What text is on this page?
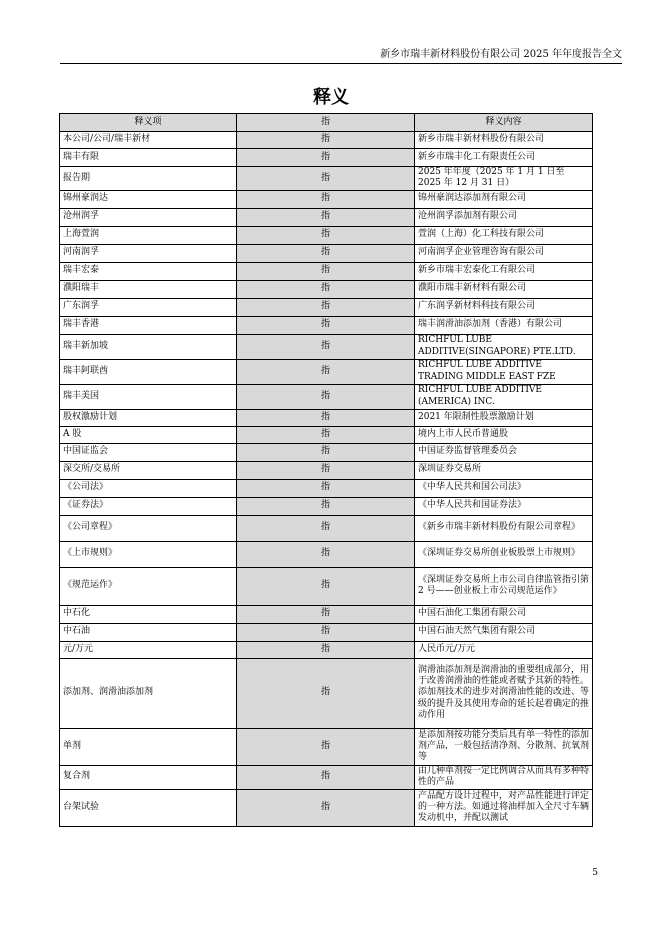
新乡市瑞丰新材料股份有限公司 2025 年年度报告全文
释义
释义项	指	释义内容
本公司/公司/瑞丰新材	指	新乡市瑞丰新材料股份有限公司
瑞丰有限	指	新乡市瑞丰化工有限责任公司
报告期	指	2025 年年度（2025 年 1 月 1 日至 2025 年 12 月 31 日）
锦州豪润达	指	锦州豪润达添加剂有限公司
沧州润孚	指	沧州润孚添加剂有限公司
上海萱润	指	萱润（上海）化工科技有限公司
河南润孚	指	河南润孚企业管理咨询有限公司
瑞丰宏泰	指	新乡市瑞丰宏泰化工有限公司
濮阳瑞丰	指	濮阳市瑞丰新材料有限公司
广东润孚	指	广东润孚新材料科技有限公司
瑞丰香港	指	瑞丰润滑油添加剂（香港）有限公司
瑞丰新加坡	指	RICHFUL LUBE ADDITIVE(SINGAPORE) PTE.LTD.
瑞丰阿联酋	指	RICHFUL LUBE ADDITIVE TRADING MIDDLE EAST FZE
瑞丰美国	指	RICHFUL LUBE ADDITIVE (AMERICA) INC.
股权激励计划	指	2021 年限制性股票激励计划
A 股	指	境内上市人民币普通股
中国证监会	指	中国证券监督管理委员会
深交所/交易所	指	深圳证券交易所
《公司法》	指	《中华人民共和国公司法》
《证券法》	指	《中华人民共和国证券法》
《公司章程》	指	《新乡市瑞丰新材料股份有限公司章程》
《上市规则》	指	《深圳证券交易所创业板股票上市规则》
《规范运作》	指	《深圳证券交易所上市公司自律监管指引第 2 号——创业板上市公司规范运作》
中石化	指	中国石油化工集团有限公司
中石油	指	中国石油天然气集团有限公司
元/万元	指	人民币元/万元
添加剂、润滑油添加剂	指	润滑油添加剂是润滑油的重要组成部分，用于改善润滑油的性能或者赋予其新的特性。添加剂技术的进步对润滑油性能的改进、等级的提升及其使用寿命的延长起着确定的推动作用
单剂	指	是添加剂按功能分类后具有单一特性的添加剂产品，一般包括清净剂、分散剂、抗氧剂等
复合剂	指	由几种单剂按一定比例调合从而具有多种特性的产品
台架试验	指	产品配方设计过程中，对产品性能进行评定的一种方法。如通过将油样加入全尺寸车辆发动机中，并配以测试
5
